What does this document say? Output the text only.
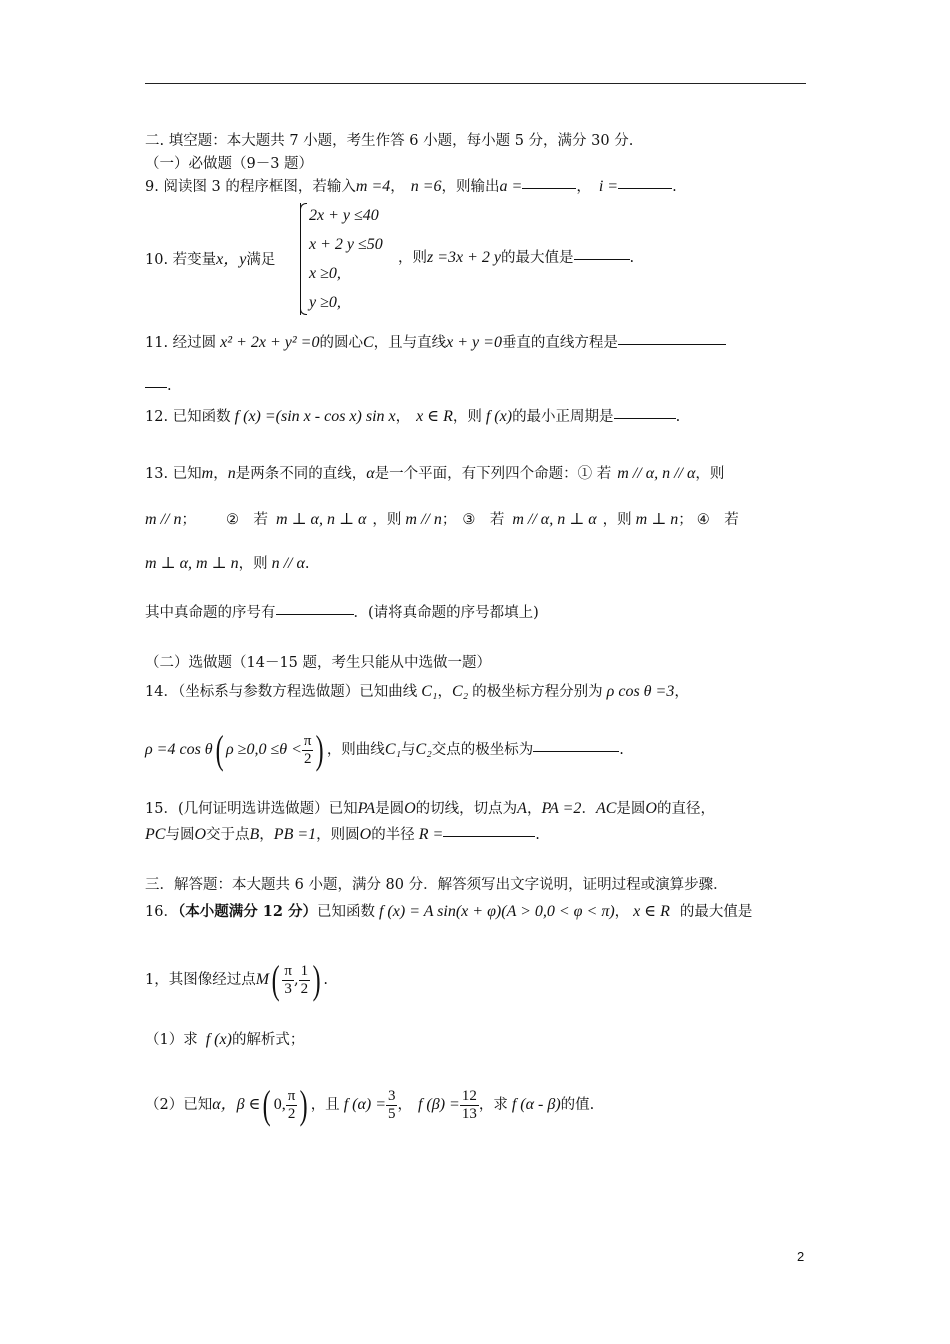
二. 填空题：本大题共 7 小题，考生作答 6 小题，每小题 5 分，满分 30 分.
（一）必做题（9－3 题）
9. 阅读图 3 的程序框图，若输入m =4， n =6，则输出a =	， i =	.
10. 若变量x，y满足
2x + y ≤40
x + 2 y ≤50
x ≥0,
y ≥0,
，则z =3x + 2 y的最大值是	.
11. 经过圆 x² + 2x + y² =0的圆心C，且与直线x + y =0垂直的直线方程是
.
12. 已知函数 f (x) =(sin x - cos x) sin x， x ∈ R，则 f (x)的最小正周期是	.
13. 已知m，n是两条不同的直线，α是一个平面，有下列四个命题：① 若 m // α, n // α，则
m // n； ②　若 m ⊥ α, n ⊥ α ，则 m // n； ③　若 m // α, n ⊥ α ，则 m ⊥ n； ④　若
m ⊥ α, m ⊥ n，则 n // α.
其中真命题的序号有	．(请将真命题的序号都填上)
（二）选做题（14－15 题，考生只能从中选做一题）
14．（坐标系与参数方程选做题）已知曲线 C₁，C₂ 的极坐标方程分别为 ρ cos θ =3，
ρ =4 cos θ( $\rho \ge 0,0 \le\theta < \frac{\pi}{2}$ ) ，则曲线C₁与C₂交点的极坐标为	.
15．(几何证明选讲选做题）已知PA是圆O的切线，切点为A，PA =2．AC是圆O的直径，
PC与圆O交于点B，PB =1，则圆O的半径 R =	.
三．解答题：本大题共 6 小题，满分 80 分．解答须写出文字说明，证明过程或演算步骤．
16．（本小题满分 12 分）已知函数 f (x) = A sin(x + φ)(A > 0,0 < φ < π)， x ∈ R 的最大值是
1，其图像经过点$M( \frac{\pi}{3}$ , $\frac{1}{2}$ ) .
（1）求 f (x)的解析式；
（2）已知α，β ∈( 0, $\frac{\pi}{2}$ ) ，且 f $(\alpha) = \frac{3}{5}$ ， f $(\beta) = \frac{12}{13}$ ，求 f (α - β)的值.
2
